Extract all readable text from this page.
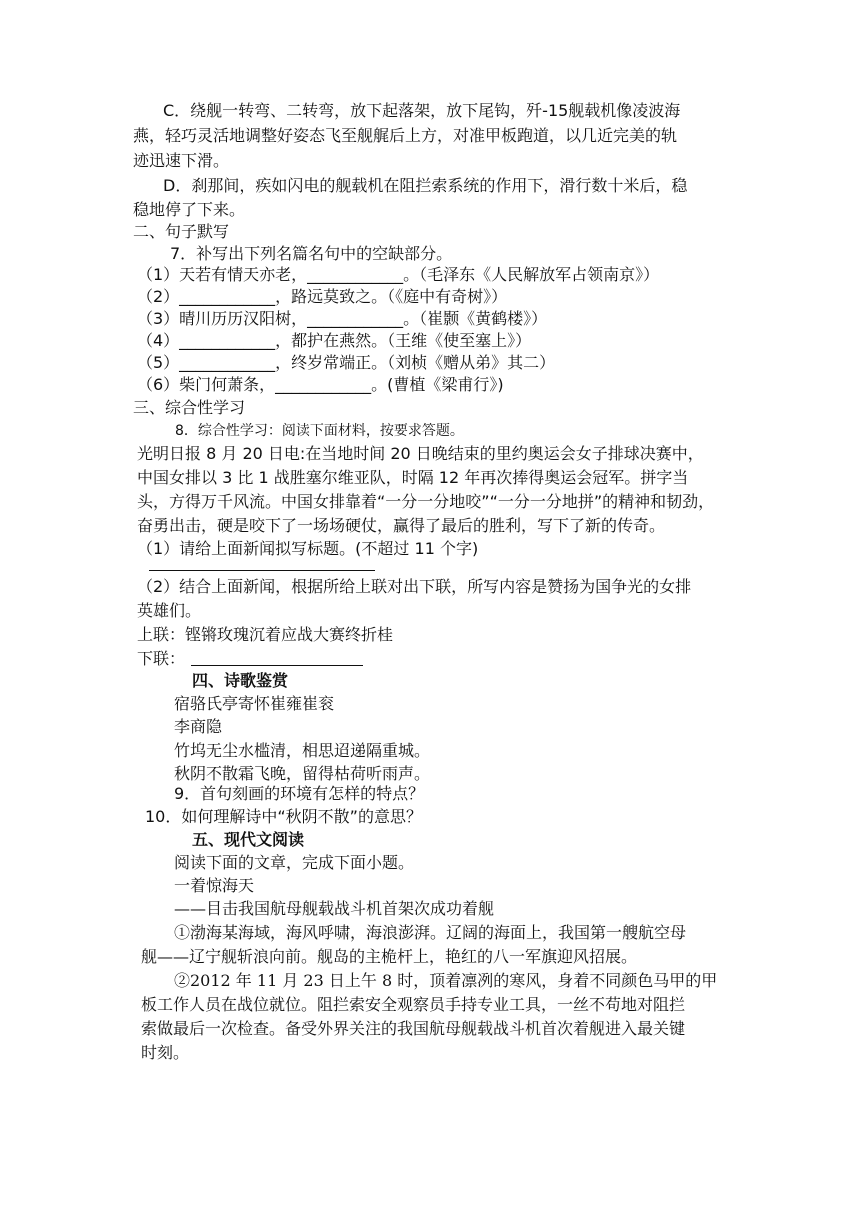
C．绕舰一转弯、二转弯，放下起落架，放下尾钩，歼-15舰载机像凌波海
燕，轻巧灵活地调整好姿态飞至舰艉后上方，对准甲板跑道，以几近完美的轨
迹迅速下滑。
D．刹那间，疾如闪电的舰载机在阻拦索系统的作用下，滑行数十米后，稳
稳地停了下来。
二、句子默写
7．补写出下列名篇名句中的空缺部分。
（1）天若有情天亦老，____________。（毛泽东《人民解放军占领南京》）
（2）____________，路远莫致之。（《庭中有奇树》）
（3）晴川历历汉阳树，____________。（崔颢《黄鹤楼》）
（4）____________，都护在燕然。（王维《使至塞上》）
（5）____________，终岁常端正。（刘桢《赠从弟》其二）
（6）柴门何萧条，____________。(曹植《梁甫行》)
三、综合性学习
8．综合性学习：阅读下面材料，按要求答题。
光明日报 8 月 20 日电:在当地时间 20 日晚结束的里约奥运会女子排球决赛中，
中国女排以 3 比 1 战胜塞尔维亚队，时隔 12 年再次捧得奥运会冠军。拼字当
头，方得万千风流。中国女排靠着“一分一分地咬”“一分一分地拼”的精神和韧劲，
奋勇出击，硬是咬下了一场场硬仗，赢得了最后的胜利，写下了新的传奇。
（1）请给上面新闻拟写标题。(不超过 11 个字)
（2）结合上面新闻，根据所给上联对出下联，所写内容是赞扬为国争光的女排
英雄们。
上联：铿锵玫瑰沉着应战大赛终折桂
下联：
四、诗歌鉴赏
宿骆氏亭寄怀崔雍崔衮
李商隐
竹坞无尘水槛清，相思迢递隔重城。
秋阴不散霜飞晚，留得枯荷听雨声。
9．首句刻画的环境有怎样的特点？
10．如何理解诗中“秋阴不散”的意思？
五、现代文阅读
阅读下面的文章，完成下面小题。
一着惊海天
——目击我国航母舰载战斗机首架次成功着舰
①渤海某海域，海风呼啸，海浪澎湃。辽阔的海面上，我国第一艘航空母
舰——辽宁舰斩浪向前。舰岛的主桅杆上，艳红的八一军旗迎风招展。
②2012 年 11 月 23 日上午 8 时，顶着凛冽的寒风，身着不同颜色马甲的甲
板工作人员在战位就位。阻拦索安全观察员手持专业工具，一丝不苟地对阻拦
索做最后一次检查。备受外界关注的我国航母舰载战斗机首次着舰进入最关键
时刻。
